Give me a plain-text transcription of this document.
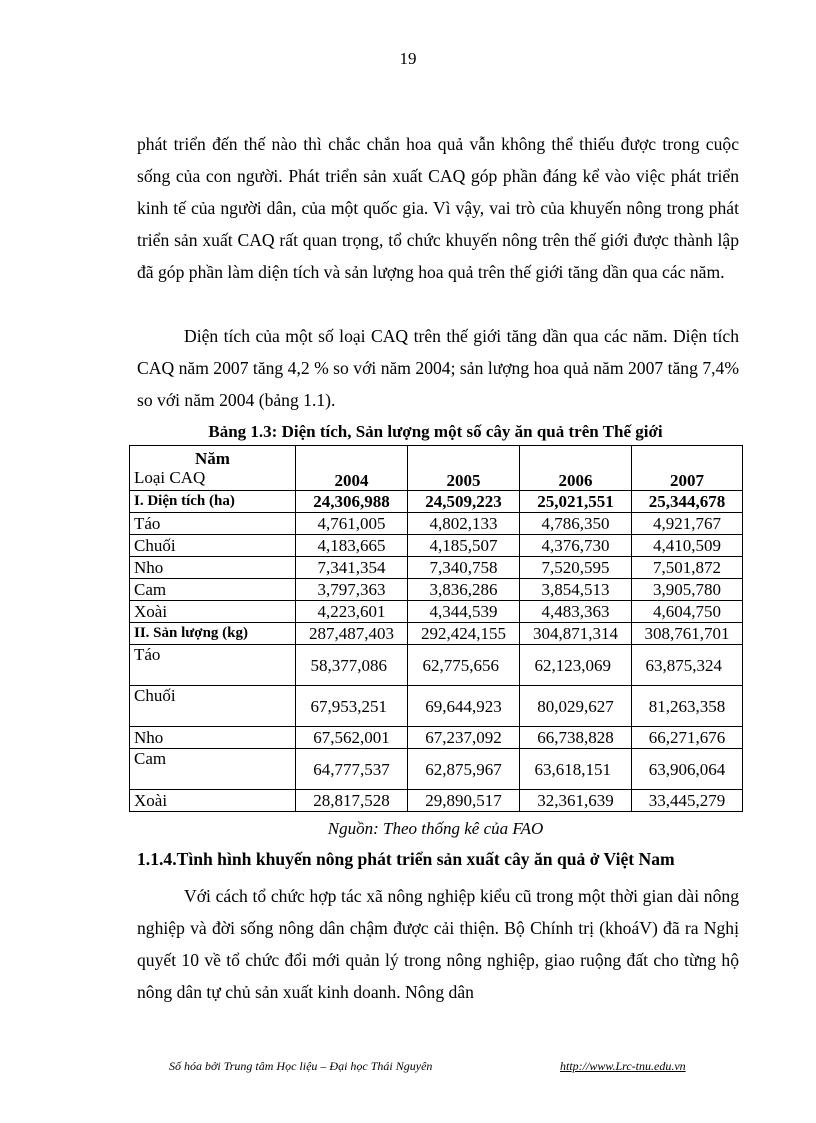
19

phát triển đến thế nào thì chắc chắn hoa quả vẫn không thể thiếu được trong cuộc sống của con người. Phát triển sản xuất CAQ góp phần đáng kể vào việc phát triển kinh tế của người dân, của một quốc gia. Vì vậy, vai trò của khuyến nông trong phát triển sản xuất CAQ rất quan trọng, tổ chức khuyến nông trên thế giới được thành lập đã góp phần làm diện tích và sản lượng hoa quả trên thế giới tăng dần qua các năm.

Diện tích của một số loại CAQ trên thế giới tăng dần qua các năm. Diện tích CAQ năm 2007 tăng 4,2 % so với năm 2004; sản lượng hoa quả năm 2007 tăng 7,4% so với năm 2004 (bảng 1.1).

Bảng 1.3: Diện tích, Sản lượng một số cây ăn quả trên Thế giới
Năm
Loại CAQ	2004	2005	2006	2007
I. Diện tích (ha)	24,306,988	24,509,223	25,021,551	25,344,678
Táo	4,761,005	4,802,133	4,786,350	4,921,767
Chuối	4,183,665	4,185,507	4,376,730	4,410,509
Nho	7,341,354	7,340,758	7,520,595	7,501,872
Cam	3,797,363	3,836,286	3,854,513	3,905,780
Xoài	4,223,601	4,344,539	4,483,363	4,604,750
II. Sản lượng (kg)	287,487,403	292,424,155	304,871,314	308,761,701
Táo	58,377,086	62,775,656	62,123,069	63,875,324

Chuối	67,953,251	69,644,923	80,029,627	81,263,358
Nho	67,562,001	67,237,092	66,738,828	66,271,676
Cam	64,777,537	62,875,967	63,618,151	63,906,064
Xoài	28,817,528	29,890,517	32,361,639	33,445,279
Nguồn: Theo thống kê của FAO
1.1.4.Tình hình khuyến nông phát triển sản xuất cây ăn quả ở Việt Nam

Với cách tổ chức hợp tác xã nông nghiệp kiểu cũ trong một thời gian dài nông nghiệp và đời sống nông dân chậm được cải thiện. Bộ Chính trị (khoáV) đã ra Nghị quyết 10 về tổ chức đổi mới quản lý trong nông nghiệp, giao ruộng đất cho từng hộ nông dân tự chủ sản xuất kinh doanh. Nông dân

Số hóa bởi Trung tâm Học liệu – Đại học Thái Nguyên	http://www.Lrc-tnu.edu.vn
